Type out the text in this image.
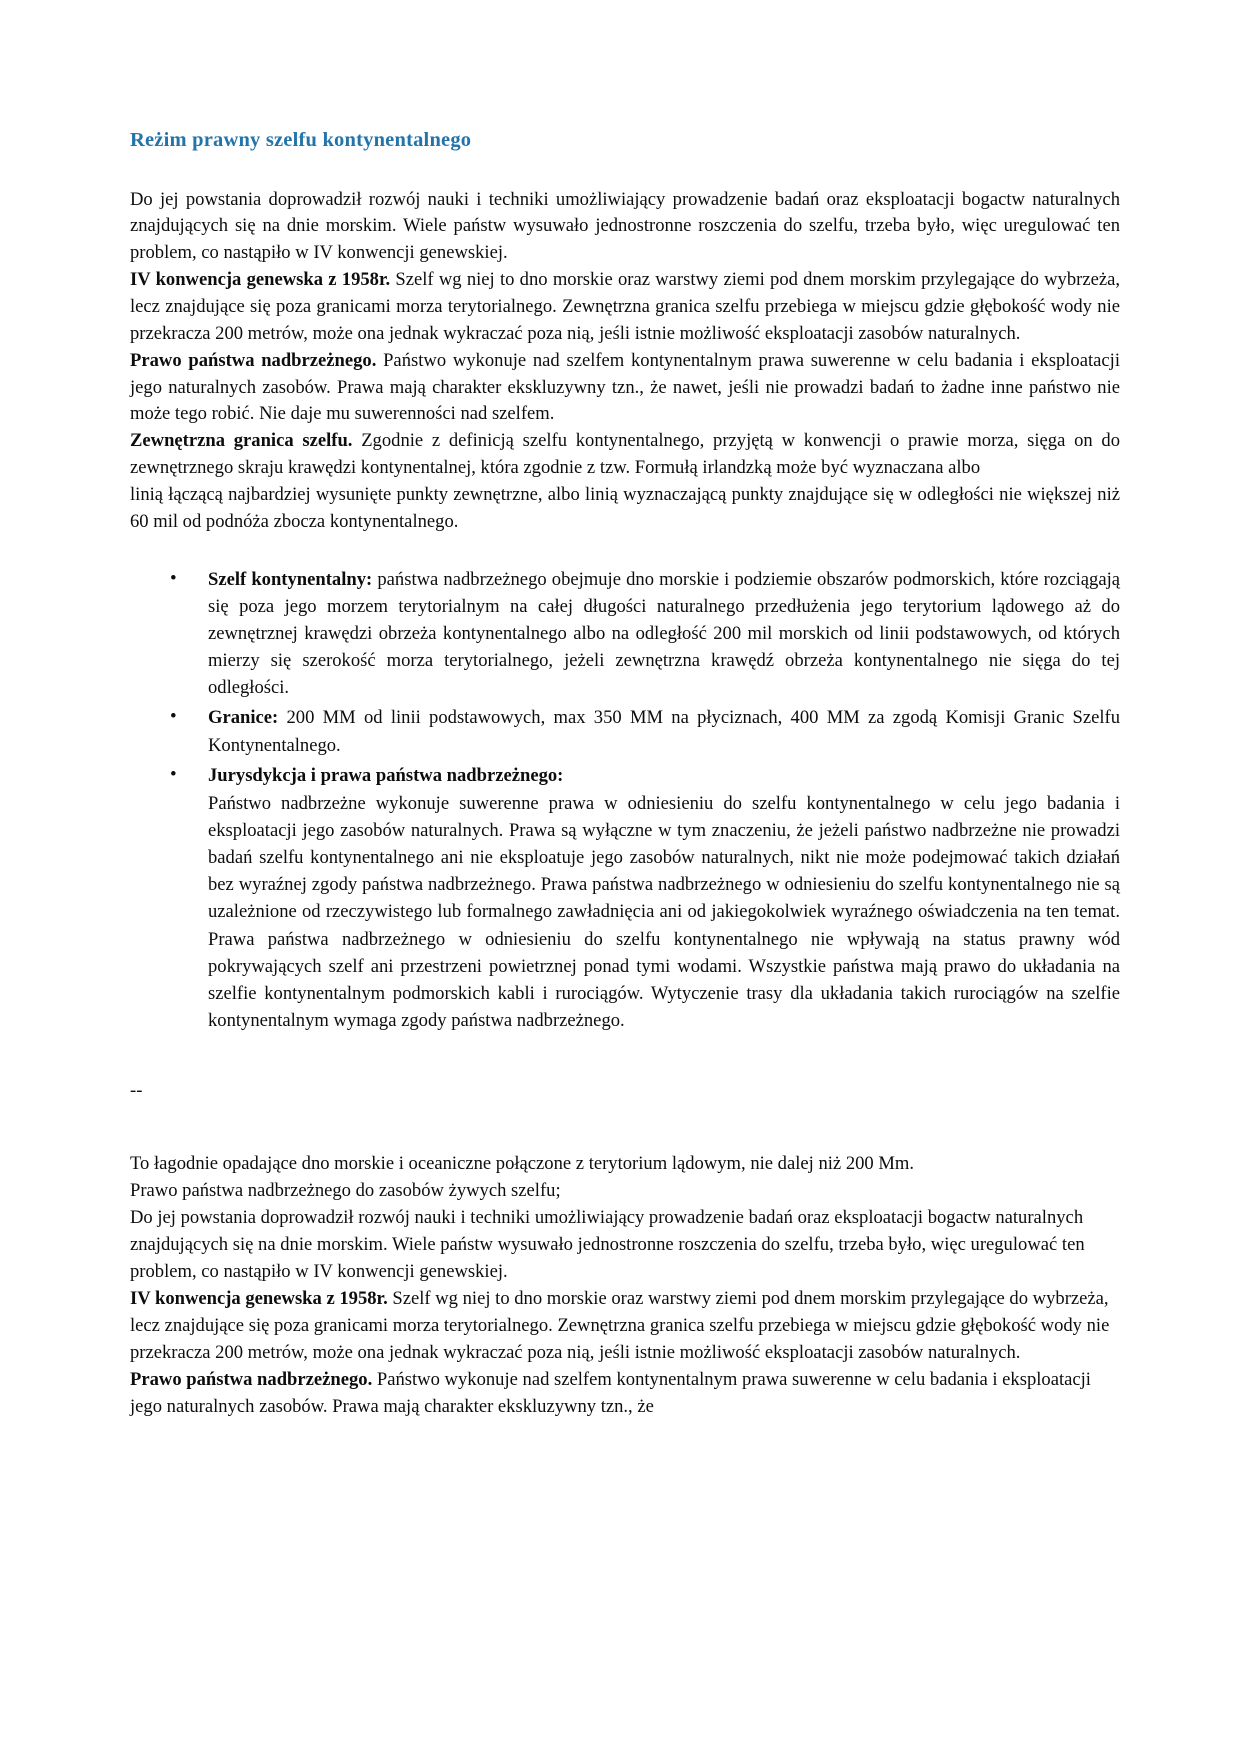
Reżim prawny szelfu kontynentalnego

Do jej powstania doprowadził rozwój nauki i techniki umożliwiający prowadzenie badań oraz eksploatacji bogactw naturalnych znajdujących się na dnie morskim. Wiele państw wysuwało jednostronne roszczenia do szelfu, trzeba było, więc uregulować ten problem, co nastąpiło w IV konwencji genewskiej.

IV konwencja genewska z 1958r. Szelf wg niej to dno morskie oraz warstwy ziemi pod dnem morskim przylegające do wybrzeża, lecz znajdujące się poza granicami morza terytorialnego. Zewnętrzna granica szelfu przebiega w miejscu gdzie głębokość wody nie przekracza 200 metrów, może ona jednak wykraczać poza nią, jeśli istnie możliwość eksploatacji zasobów naturalnych.

Prawo państwa nadbrzeżnego. Państwo wykonuje nad szelfem kontynentalnym prawa suwerenne w celu badania i eksploatacji jego naturalnych zasobów. Prawa mają charakter ekskluzywny tzn., że nawet, jeśli nie prowadzi badań to żadne inne państwo nie może tego robić. Nie daje mu suwerenności nad szelfem.

Zewnętrzna granica szelfu. Zgodnie z definicją szelfu kontynentalnego, przyjętą w konwencji o prawie morza, sięga on do zewnętrznego skraju krawędzi kontynentalnej, która zgodnie z tzw. Formułą irlandzką może być wyznaczana albo

linią łączącą najbardziej wysunięte punkty zewnętrzne, albo linią wyznaczającą punkty znajdujące się w odległości nie większej niż 60 mil od podnóża zbocza kontynentalnego.

• Szelf kontynentalny: państwa nadbrzeżnego obejmuje dno morskie i podziemie obszarów podmorskich, które rozciągają się poza jego morzem terytorialnym na całej długości naturalnego przedłużenia jego terytorium lądowego aż do zewnętrznej krawędzi obrzeża kontynentalnego albo na odległość 200 mil morskich od linii podstawowych, od których mierzy się szerokość morza terytorialnego, jeżeli zewnętrzna krawędź obrzeża kontynentalnego nie sięga do tej odległości.
• Granice: 200 MM od linii podstawowych, max 350 MM na płyciznach, 400 MM za zgodą Komisji Granic Szelfu Kontynentalnego.
• Jurysdykcja i prawa państwa nadbrzeżnego:
Państwo nadbrzeżne wykonuje suwerenne prawa w odniesieniu do szelfu kontynentalnego w celu jego badania i eksploatacji jego zasobów naturalnych. Prawa są wyłączne w tym znaczeniu, że jeżeli państwo nadbrzeżne nie prowadzi badań szelfu kontynentalnego ani nie eksploatuje jego zasobów naturalnych, nikt nie może podejmować takich działań bez wyraźnej zgody państwa nadbrzeżnego. Prawa państwa nadbrzeżnego w odniesieniu do szelfu kontynentalnego nie są uzależnione od rzeczywistego lub formalnego zawładnięcia ani od jakiegokolwiek wyraźnego oświadczenia na ten temat. Prawa państwa nadbrzeżnego w odniesieniu do szelfu kontynentalnego nie wpływają na status prawny wód pokrywających szelf ani przestrzeni powietrznej ponad tymi wodami. Wszystkie państwa mają prawo do układania na szelfie kontynentalnym podmorskich kabli i rurociągów. Wytyczenie trasy dla układania takich rurociągów na szelfie kontynentalnym wymaga zgody państwa nadbrzeżnego.

--

To łagodnie opadające dno morskie i oceaniczne połączone z terytorium lądowym, nie dalej niż 200 Mm.

Prawo państwa nadbrzeżnego do zasobów żywych szelfu;

Do jej powstania doprowadził rozwój nauki i techniki umożliwiający prowadzenie badań oraz eksploatacji bogactw naturalnych znajdujących się na dnie morskim. Wiele państw wysuwało jednostronne roszczenia do szelfu, trzeba było, więc uregulować ten problem, co nastąpiło w IV konwencji genewskiej.

IV konwencja genewska z 1958r. Szelf wg niej to dno morskie oraz warstwy ziemi pod dnem morskim przylegające do wybrzeża, lecz znajdujące się poza granicami morza terytorialnego. Zewnętrzna granica szelfu przebiega w miejscu gdzie głębokość wody nie przekracza 200 metrów, może ona jednak wykraczać poza nią, jeśli istnie możliwość eksploatacji zasobów naturalnych.

Prawo państwa nadbrzeżnego. Państwo wykonuje nad szelfem kontynentalnym prawa suwerenne w celu badania i eksploatacji jego naturalnych zasobów. Prawa mają charakter ekskluzywny tzn., że
